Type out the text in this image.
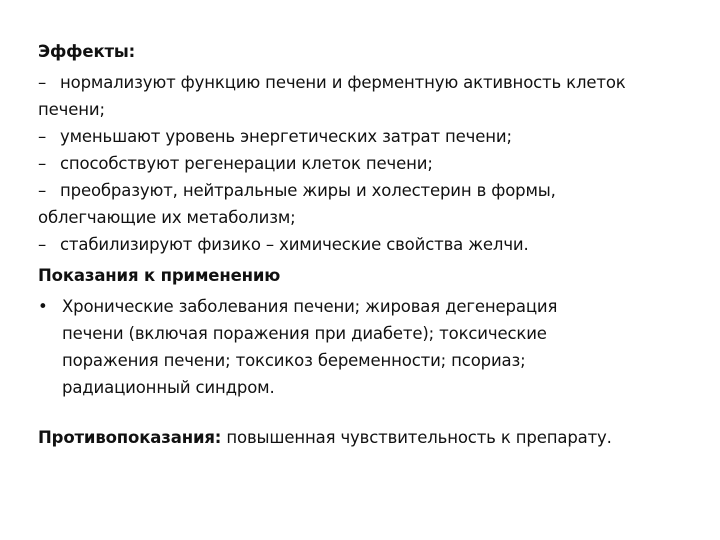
Эффекты:

– нормализуют функцию печени и ферментную активность клеток печени;

– уменьшают уровень энергетических затрат печени;

– способствуют регенерации клеток печени;

– преобразуют, нейтральные жиры и холестерин в формы, облегчающие их метаболизм;

– стабилизируют физико – химические свойства желчи.

Показания к применению

• Хронические заболевания печени; жировая дегенерация печени (включая поражения при диабете); токсические поражения печени; токсикоз беременности; псориаз; радиационный синдром.

Противопоказания: повышенная чувствительность к препарату.
